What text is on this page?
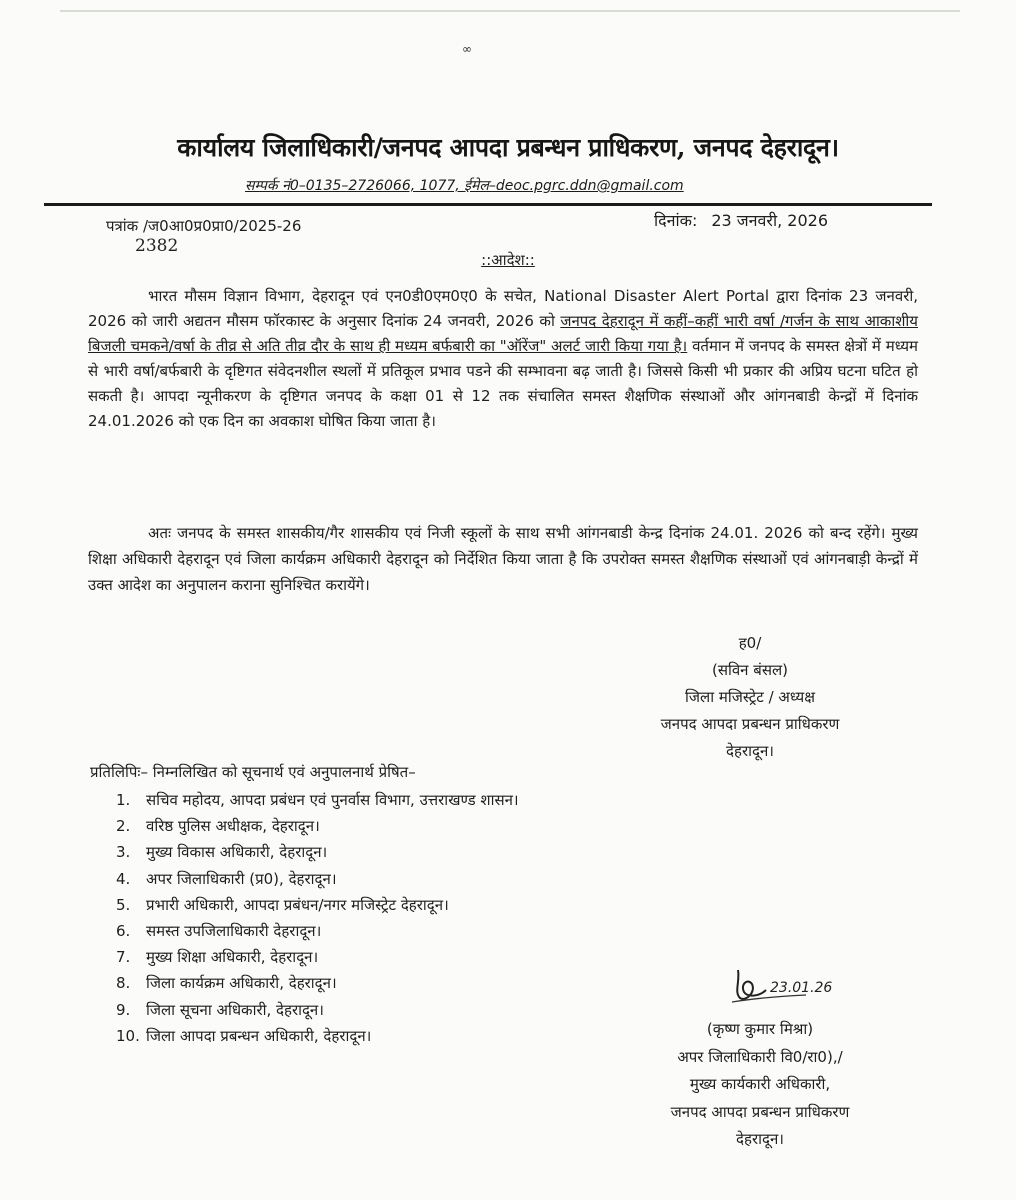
∞
कार्यालय जिलाधिकारी/जनपद आपदा प्रबन्धन प्राधिकरण, जनपद देहरादून।
सम्पर्क नं0–0135–2726066, 1077, ईमेल–deoc.pgrc.ddn@gmail.com
पत्रांक /ज0आ0प्र0प्रा0/2025-26
2382
दिनांक: 23 जनवरी, 2026
::आदेश::
भारत मौसम विज्ञान विभाग, देहरादून एवं एन0डी0एम0ए0 के सचेत, National Disaster Alert Portal द्वारा दिनांक 23 जनवरी, 2026 को जारी अद्यतन मौसम फॉरकास्ट के अनुसार दिनांक 24 जनवरी, 2026 को जनपद देहरादून में कहीं–कहीं भारी वर्षा /गर्जन के साथ आकाशीय बिजली चमकने/वर्षा के तीव्र से अति तीव्र दौर के साथ ही मध्यम बर्फबारी का "ऑरेंज" अलर्ट जारी किया गया है। वर्तमान में जनपद के समस्त क्षेत्रों में मध्यम से भारी वर्षा/बर्फबारी के दृष्टिगत संवेदनशील स्थलों में प्रतिकूल प्रभाव पडने की सम्भावना बढ़ जाती है। जिससे किसी भी प्रकार की अप्रिय घटना घटित हो सकती है। आपदा न्यूनीकरण के दृष्टिगत जनपद के कक्षा 01 से 12 तक संचालित समस्त शैक्षणिक संस्थाओं और आंगनबाडी केन्द्रों में दिनांक 24.01.2026 को एक दिन का अवकाश घोषित किया जाता है।
अतः जनपद के समस्त शासकीय/गैर शासकीय एवं निजी स्कूलों के साथ सभी आंगनबाडी केन्द्र दिनांक 24.01. 2026 को बन्द रहेंगे। मुख्य शिक्षा अधिकारी देहरादून एवं जिला कार्यक्रम अधिकारी देहरादून को निर्देशित किया जाता है कि उपरोक्त समस्त शैक्षणिक संस्थाओं एवं आंगनबाड़ी केन्द्रों में उक्त आदेश का अनुपालन कराना सुनिश्चित करायेंगे।
ह0/
(सविन बंसल)
जिला मजिस्ट्रेट / अध्यक्ष
जनपद आपदा प्रबन्धन प्राधिकरण
देहरादून।
प्रतिलिपिः– निम्नलिखित को सूचनार्थ एवं अनुपालनार्थ प्रेषित–
1. सचिव महोदय, आपदा प्रबंधन एवं पुनर्वास विभाग, उत्तराखण्ड शासन।
2. वरिष्ठ पुलिस अधीक्षक, देहरादून।
3. मुख्य विकास अधिकारी, देहरादून।
4. अपर जिलाधिकारी (प्र0), देहरादून।
5. प्रभारी अधिकारी, आपदा प्रबंधन/नगर मजिस्ट्रेट देहरादून।
6. समस्त उपजिलाधिकारी देहरादून।
7. मुख्य शिक्षा अधिकारी, देहरादून।
8. जिला कार्यक्रम अधिकारी, देहरादून।
9. जिला सूचना अधिकारी, देहरादून।
10. जिला आपदा प्रबन्धन अधिकारी, देहरादून।
23.01.26
(कृष्ण कुमार मिश्रा)
अपर जिलाधिकारी वि0/रा0),/
मुख्य कार्यकारी अधिकारी,
जनपद आपदा प्रबन्धन प्राधिकरण
देहरादून।
